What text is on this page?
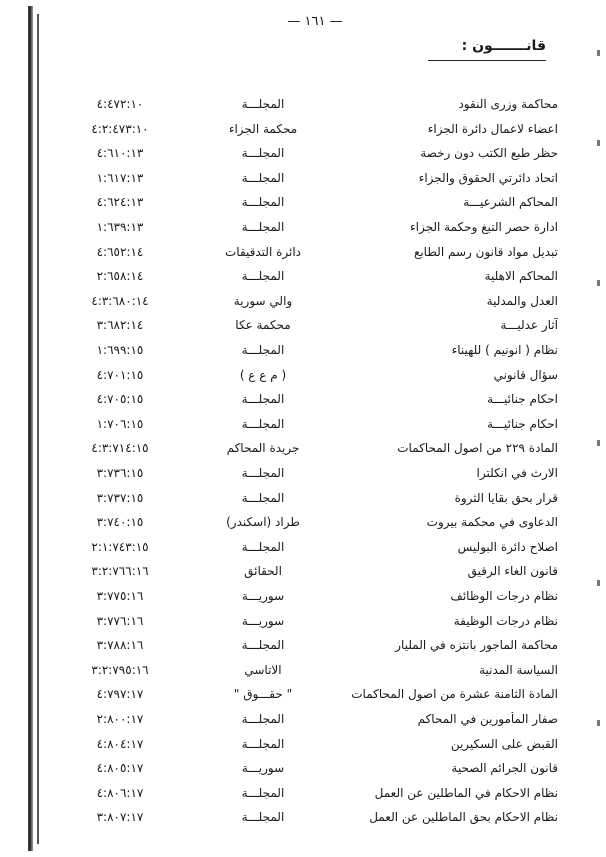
— ١٦١ —
قانـــــــون :
محاكمة وزرى النقود
المجلـــة
٤:٤٧٢:١٠
اعضاء لاعمال دائرة الجزاء
محكمة الجزاء
٤:٢:٤٧٣:١٠
حظر طبع الكتب دون رخصة
المجلـــة
٤:٦١٠:١٣
اتحاد دائرتي الحقوق والجزاء
المجلـــة
١:٦١٧:١٣
المحاكم الشرعيـــة
المجلـــة
٤:٦٢٤:١٣
ادارة حصر التبغ وحكمة الجزاء
المجلـــة
١:٦٣٩:١٣
تبديل مواد قانون رسم الطابع
دائرة التدقيقات
٤:٦٥٢:١٤
المحاكم الاهلية
المجلـــة
٢:٦٥٨:١٤
العدل والمدلية
والي سورية
٤:٣:٦٨٠:١٤
آثار عدليـــة
محكمة عكا
٣:٦٨٢:١٤
نظام ( انونيم ) للهيناء
المجلـــة
١:٦٩٩:١٥
سؤال قانوني
( م ع ع )
٤:٧٠١:١٥
احكام جنائيـــة
المجلـــة
٤:٧٠٥:١٥
احكام جنائيـــة
المجلـــة
١:٧٠٦:١٥
المادة ٢٢٩ من اصول المحاكمات
جريدة المحاكم
٤:٣:٧١٤:١٥
الارث في انكلترا
المجلـــة
٣:٧٣٦:١٥
قرار بحق بقايا الثروة
المجلـــة
٣:٧٣٧:١٥
الدعاوى في محكمة بيروت
طراد (اسكندر)
٣:٧٤٠:١٥
اصلاح دائرة البوليس
المجلـــة
٢:١:٧٤٣:١٥
قانون الغاء الرقيق
الحقائق
٣:٢:٧٦٦:١٦
نظام درجات الوظائف
سوريـــة
٣:٧٧٥:١٦
نظام درجات الوظيفة
سوريـــة
٣:٧٧٦:١٦
محاكمة الماجور بانتزه في المليار
المجلـــة
٣:٧٨٨:١٦
السياسة المدنية
الاتاسي
٣:٢:٧٩٥:١٦
المادة الثامنة عشرة من اصول المحاكمات
" حقـــوق "
٤:٧٩٧:١٧
صفار المأمورين في المحاكم
المجلـــة
٢:٨٠٠:١٧
القبض على السكيرين
المجلـــة
٤:٨٠٤:١٧
قانون الجرائم الصحية
سوريـــة
٤:٨٠٥:١٧
نظام الاحكام في الماطلين عن العمل
المجلـــة
٤:٨٠٦:١٧
نظام الاحكام بحق الماطلين عن العمل
المجلـــة
٣:٨٠٧:١٧
